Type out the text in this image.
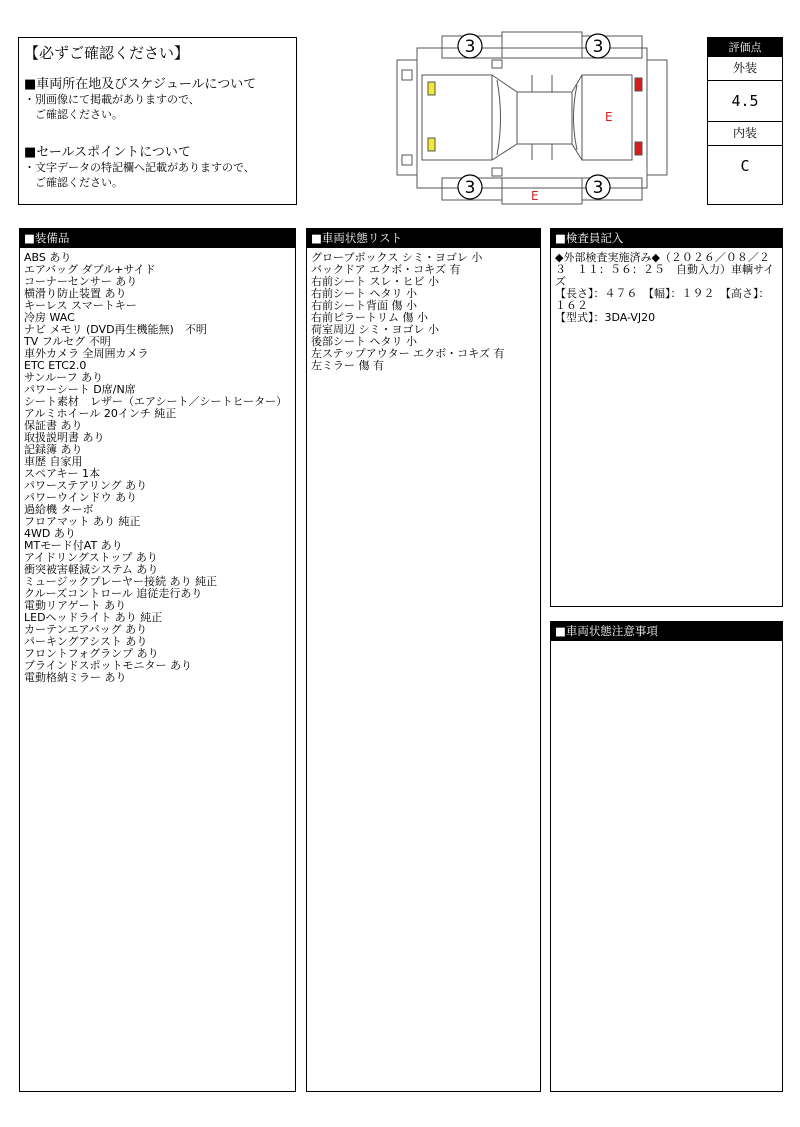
【必ずご確認ください】
■車両所在地及びスケジュールについて
・別画像にて掲載がありますので、
　ご確認ください。
■セールスポイントについて
・文字データの特記欄へ記載がありますので、
　ご確認ください。
3	3
3	3
E
E
評価点
外装
4.5
内装
C
■装備品
ABS あり
エアバッグ ダブル+サイド
コーナーセンサー あり
横滑り防止装置 あり
キーレス スマートキー
冷房 WAC
ナビ メモリ (DVD再生機能無)　不明
TV フルセグ 不明
車外カメラ 全周囲カメラ
ETC ETC2.0
サンルーフ あり
パワーシート D席/N席
シート素材　レザー（エアシート／シートヒーター）
アルミホイール 20インチ 純正
保証書 あり
取扱説明書 あり
記録簿 あり
車歴 自家用
スペアキー 1本
パワーステアリング あり
パワーウインドウ あり
過給機 ターボ
フロアマット あり 純正
4WD あり
MTモード付AT あり
アイドリングストップ あり
衝突被害軽減システム あり
ミュージックプレーヤー接続 あり 純正
クルーズコントロール 追従走行あり
電動リアゲート あり
LEDヘッドライト あり 純正
カーテンエアバッグ あり
パーキングアシスト あり
フロントフォグランプ あり
ブラインドスポットモニター あり
電動格納ミラー あり
■車両状態リスト
グローブボックス シミ・ヨゴレ 小
バックドア エクボ・コキズ 有
右前シート スレ・ヒビ 小
右前シート ヘタリ 小
右前シート背面 傷 小
右前ピラートリム 傷 小
荷室周辺 シミ・ヨゴレ 小
後部シート ヘタリ 小
左ステップアウター エクボ・コキズ 有
左ミラー 傷 有
■検査員記入
◆外部検査実施済み◆（２０２６／０８／２３　１１：５６：２５　自動入力）車輌サイズ
【長さ】：４７６　【幅】：１９２　【高さ】：１６２
【型式】：3DA-VJ20
■車両状態注意事項
